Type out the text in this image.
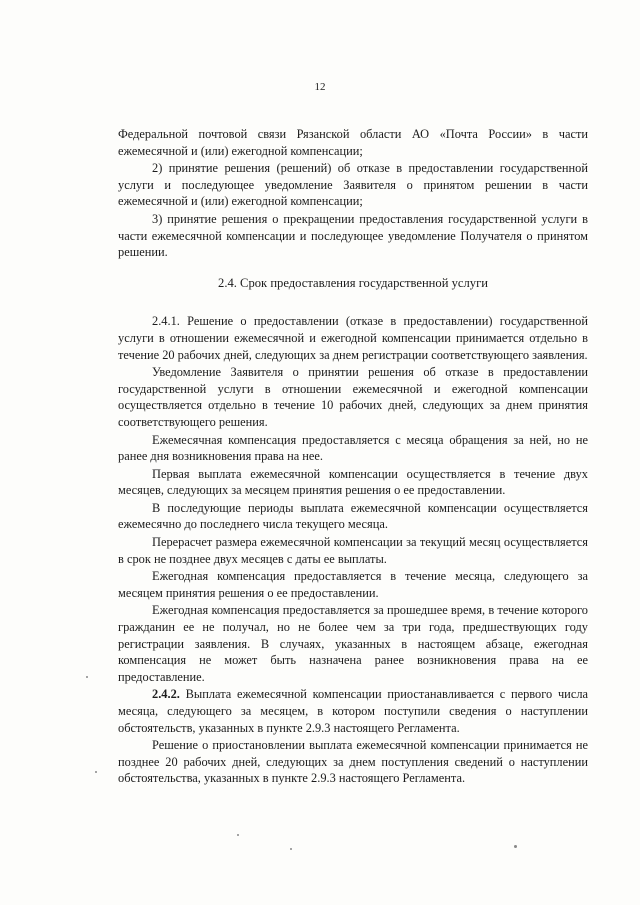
12

Федеральной почтовой связи Рязанской области АО «Почта России» в части ежемесячной и (или) ежегодной компенсации;

2) принятие решения (решений) об отказе в предоставлении государственной услуги и последующее уведомление Заявителя о принятом решении в части ежемесячной и (или) ежегодной компенсации;

3) принятие решения о прекращении предоставления государственной услуги в части ежемесячной компенсации и последующее уведомление Получателя о принятом решении.

2.4. Срок предоставления государственной услуги

2.4.1. Решение о предоставлении (отказе в предоставлении) государственной услуги в отношении ежемесячной и ежегодной компенсации принимается отдельно в течение 20 рабочих дней, следующих за днем регистрации соответствующего заявления.

Уведомление Заявителя о принятии решения об отказе в предоставлении государственной услуги в отношении ежемесячной и ежегодной компенсации осуществляется отдельно в течение 10 рабочих дней, следующих за днем принятия соответствующего решения.

Ежемесячная компенсация предоставляется с месяца обращения за ней, но не ранее дня возникновения права на нее.

Первая выплата ежемесячной компенсации осуществляется в течение двух месяцев, следующих за месяцем принятия решения о ее предоставлении.

В последующие периоды выплата ежемесячной компенсации осуществляется ежемесячно до последнего числа текущего месяца.

Перерасчет размера ежемесячной компенсации за текущий месяц осуществляется в срок не позднее двух месяцев с даты ее выплаты.

Ежегодная компенсация предоставляется в течение месяца, следующего за месяцем принятия решения о ее предоставлении.

Ежегодная компенсация предоставляется за прошедшее время, в течение которого гражданин ее не получал, но не более чем за три года, предшествующих году регистрации заявления. В случаях, указанных в настоящем абзаце, ежегодная компенсация не может быть назначена ранее возникновения права на ее предоставление.

2.4.2. Выплата ежемесячной компенсации приостанавливается с первого числа месяца, следующего за месяцем, в котором поступили сведения о наступлении обстоятельств, указанных в пункте 2.9.3 настоящего Регламента.

Решение о приостановлении выплата ежемесячной компенсации принимается не позднее 20 рабочих дней, следующих за днем поступления сведений о наступлении обстоятельства, указанных в пункте 2.9.3 настоящего Регламента.
